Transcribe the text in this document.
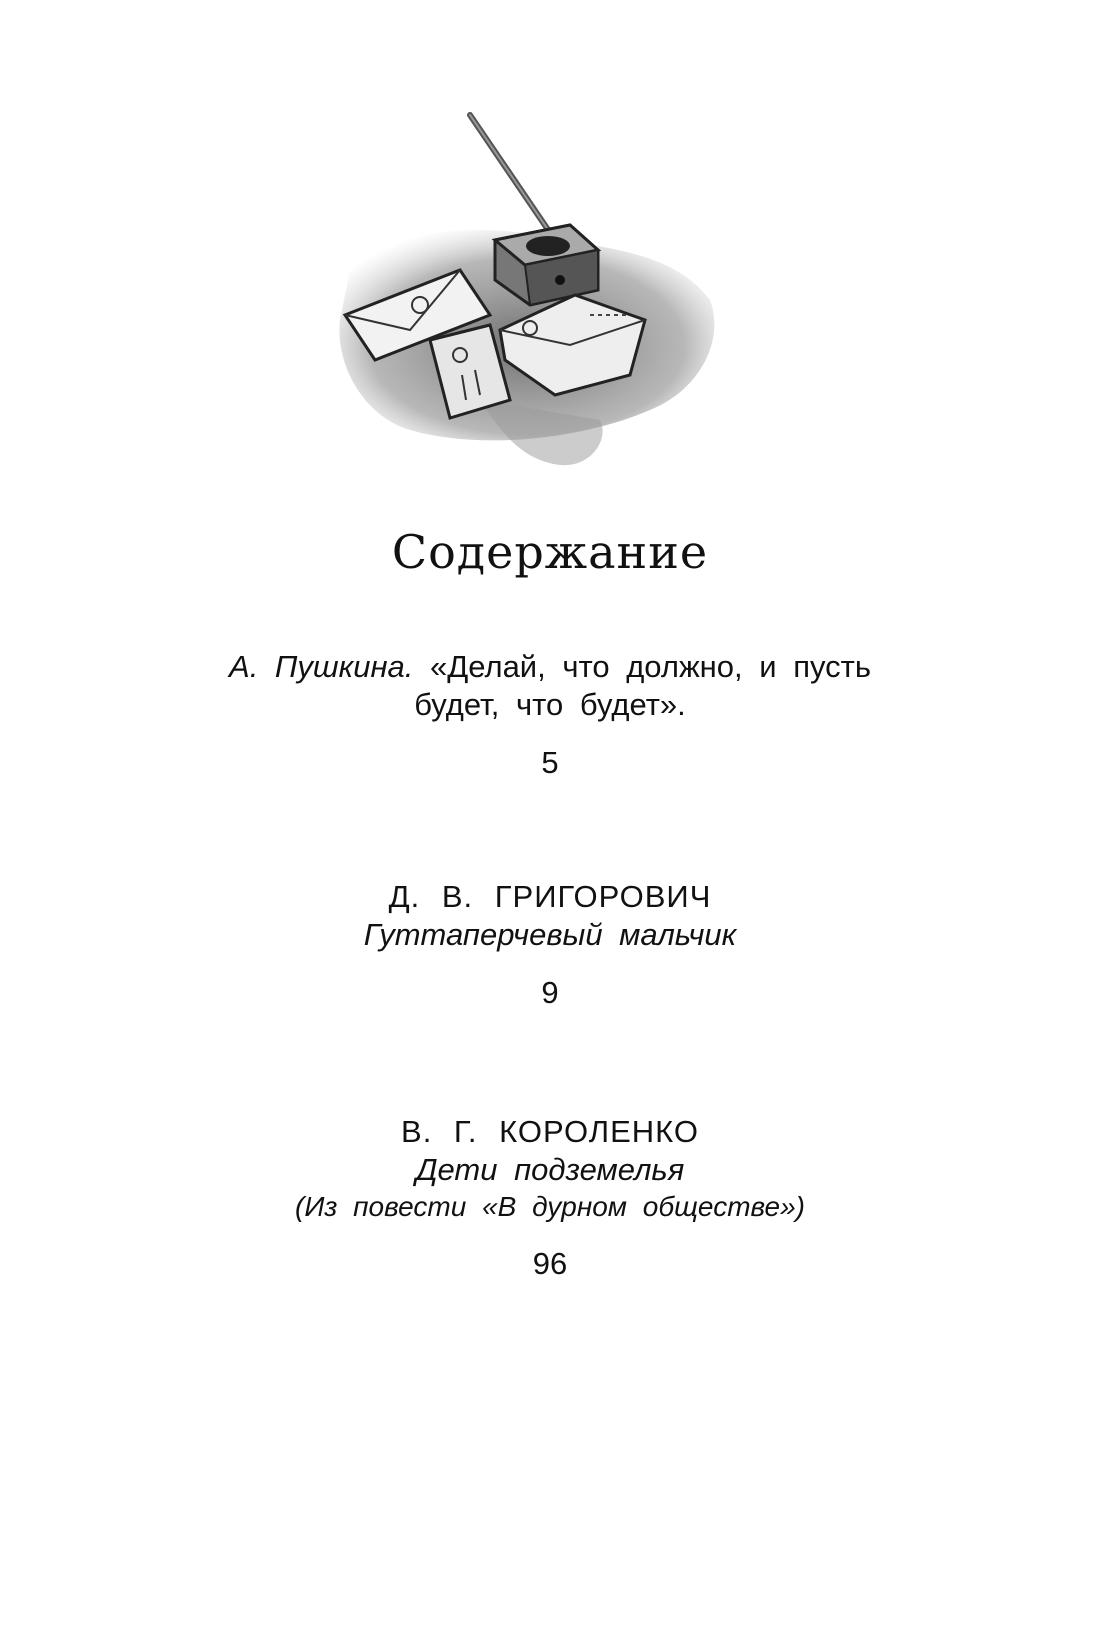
Содержание
А. Пушкина. «Делай, что должно, и пусть
будет, что будет».
5
Д. В. ГРИГОРОВИЧ
Гуттаперчевый мальчик
9
В. Г. КОРОЛЕНКО
Дети подземелья
(Из повести «В дурном обществе»)
96
